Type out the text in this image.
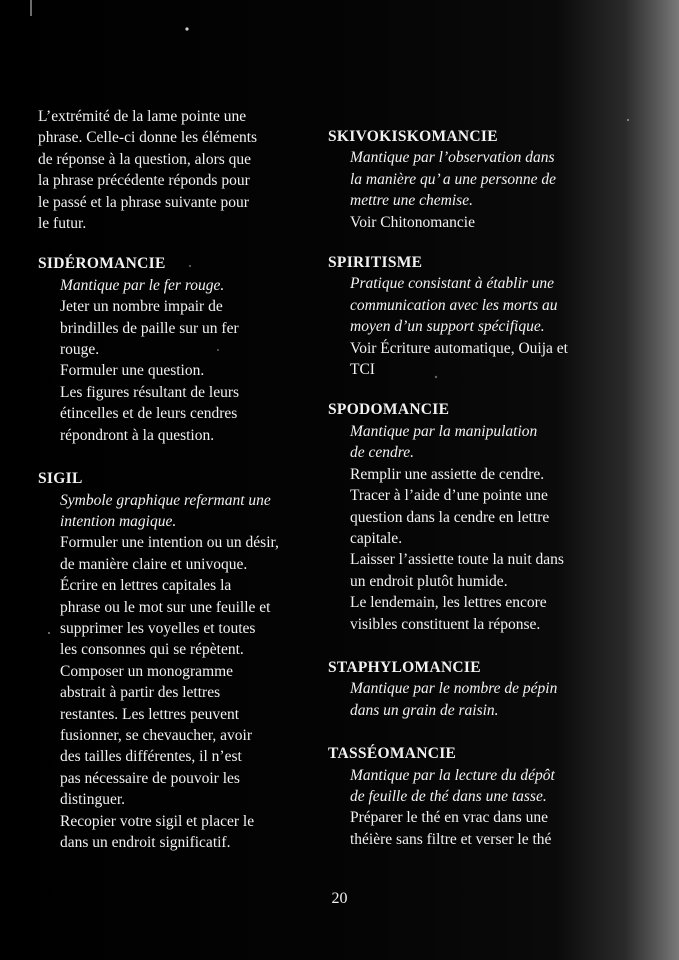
L’extrémité de la lame pointe une
phrase. Celle-ci donne les éléments
de réponse à la question, alors que
la phrase précédente réponds pour
le passé et la phrase suivante pour
le futur.
SIDÉROMANCIE
Mantique par le fer rouge.
Jeter un nombre impair de
brindilles de paille sur un fer
rouge.
Formuler une question.
Les figures résultant de leurs
étincelles et de leurs cendres
répondront à la question.
SIGIL
Symbole graphique refermant une
intention magique.
Formuler une intention ou un désir,
de manière claire et univoque.
Écrire en lettres capitales la
phrase ou le mot sur une feuille et
supprimer les voyelles et toutes
les consonnes qui se répètent.
Composer un monogramme
abstrait à partir des lettres
restantes. Les lettres peuvent
fusionner, se chevaucher, avoir
des tailles différentes, il n’est
pas nécessaire de pouvoir les
distinguer.
Recopier votre sigil et placer le
dans un endroit significatif.
SKIVOKISKOMANCIE
Mantique par l’observation dans
la manière qu’ a une personne de
mettre une chemise.
Voir Chitonomancie
SPIRITISME
Pratique consistant à établir une
communication avec les morts au
moyen d’un support spécifique.
Voir Écriture automatique, Ouija et
TCI
SPODOMANCIE
Mantique par la manipulation
de cendre.
Remplir une assiette de cendre.
Tracer à l’aide d’une pointe une
question dans la cendre en lettre
capitale.
Laisser l’assiette toute la nuit dans
un endroit plutôt humide.
Le lendemain, les lettres encore
visibles constituent la réponse.
STAPHYLOMANCIE
Mantique par le nombre de pépin
dans un grain de raisin.
TASSÉOMANCIE
Mantique par la lecture du dépôt
de feuille de thé dans une tasse.
Préparer le thé en vrac dans une
théière sans filtre et verser le thé
20
